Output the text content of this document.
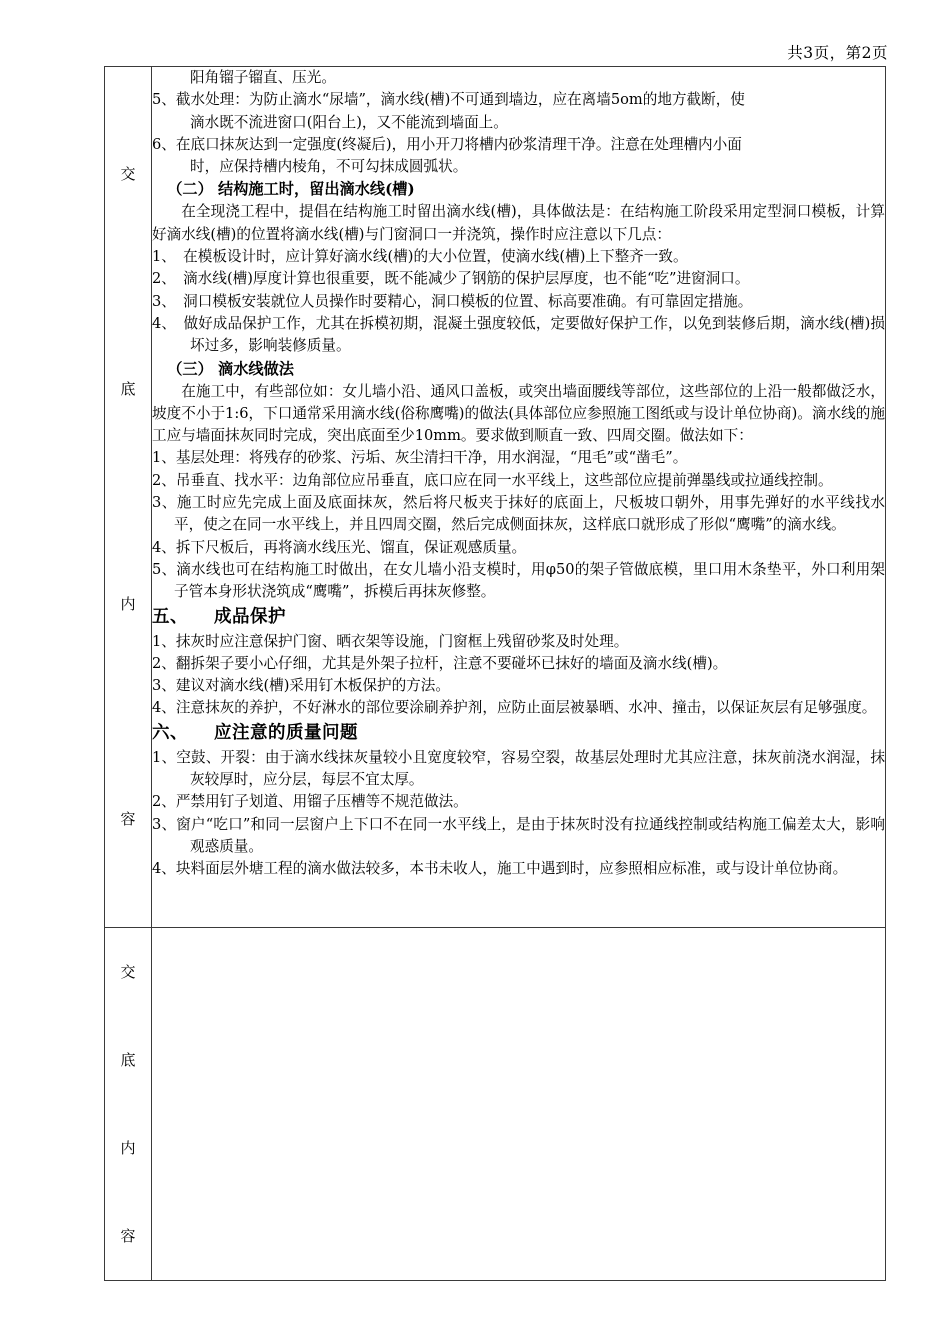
共3页，第2页
交
底
内
容

阳角镏子镏直、压光。

5、截水处理：为防止滴水“尿墙”，滴水线(槽)不可通到墙边，应在离墙5om的地方截断，使

滴水既不流进窗口(阳台上)，又不能流到墙面上。

6、在底口抹灰达到一定强度(终凝后)，用小开刀将槽内砂浆清理干净。注意在处理槽内小面

时，应保持槽内棱角，不可勾抹成圆弧状。

（二） 结构施工时，留出滴水线(槽)

在全现浇工程中，提倡在结构施工时留出滴水线(槽)，具体做法是：在结构施工阶段采用定型洞口模板，计算好滴水线(槽)的位置将滴水线(槽)与门窗洞口一并浇筑，操作时应注意以下几点：

1、　在模板设计时，应计算好滴水线(槽)的大小位置，使滴水线(槽)上下整齐一致。

2、　滴水线(槽)厚度计算也很重要，既不能减少了钢筋的保护层厚度，也不能“吃”进窗洞口。

3、　洞口模板安装就位人员操作时要精心，洞口模板的位置、标高要准确。有可靠固定措施。

4、　做好成品保护工作，尤其在拆模初期，混凝土强度较低，定要做好保护工作，以免到装修后期，滴水线(槽)损坏过多，影响装修质量。

（三） 滴水线做法

在施工中，有些部位如：女儿墙小沿、通风口盖板，或突出墙面腰线等部位，这些部位的上沿一般都做泛水，坡度不小于1:6，下口通常采用滴水线(俗称鹰嘴)的做法(具体部位应参照施工图纸或与设计单位协商)。滴水线的施工应与墙面抹灰同时完成，突出底面至少10mm。要求做到顺直一致、四周交圈。做法如下：

1、基层处理：将残存的砂浆、污垢、灰尘清扫干净，用水润湿，“甩毛”或“凿毛”。

2、吊垂直、找水平：边角部位应吊垂直，底口应在同一水平线上，这些部位应提前弹墨线或拉通线控制。

3、施工时应先完成上面及底面抹灰，然后将尺板夹于抹好的底面上，尺板坡口朝外，用事先弹好的水平线找水平，使之在同一水平线上，并且四周交圈，然后完成侧面抹灰，这样底口就形成了形似“鹰嘴”的滴水线。

4、拆下尺板后，再将滴水线压光、馏直，保证观感质量。

5、滴水线也可在结构施工时做出，在女儿墙小沿支模时，用φ50的架子管做底模，里口用木条垫平，外口利用架子管本身形状浇筑成“鹰嘴”，拆模后再抹灰修整。

五、 成品保护

1、抹灰时应注意保护门窗、晒衣架等设施，门窗框上残留砂浆及时处理。

2、翻拆架子要小心仔细，尤其是外架子拉杆，注意不要碰坏已抹好的墙面及滴水线(槽)。

3、建议对滴水线(槽)采用钉木板保护的方法。

4、注意抹灰的养护，不好淋水的部位要涂刷养护剂，应防止面层被暴晒、水冲、撞击，以保证灰层有足够强度。

六、 应注意的质量问题

1、空鼓、开裂：由于滴水线抹灰量较小且宽度较窄，容易空裂，故基层处理时尤其应注意，抹灰前浇水润湿，抹灰较厚时，应分层，每层不宜太厚。

2、严禁用钉子划道、用镏子压槽等不规范做法。

3、窗户“吃口”和同一层窗户上下口不在同一水平线上，是由于抹灰时没有拉通线控制或结构施工偏差太大，影响观惑质量。

4、块料面层外塘工程的滴水做法较多，本书未收人，施工中遇到时，应参照相应标准，或与设计单位协商。

交
底
内
容	
